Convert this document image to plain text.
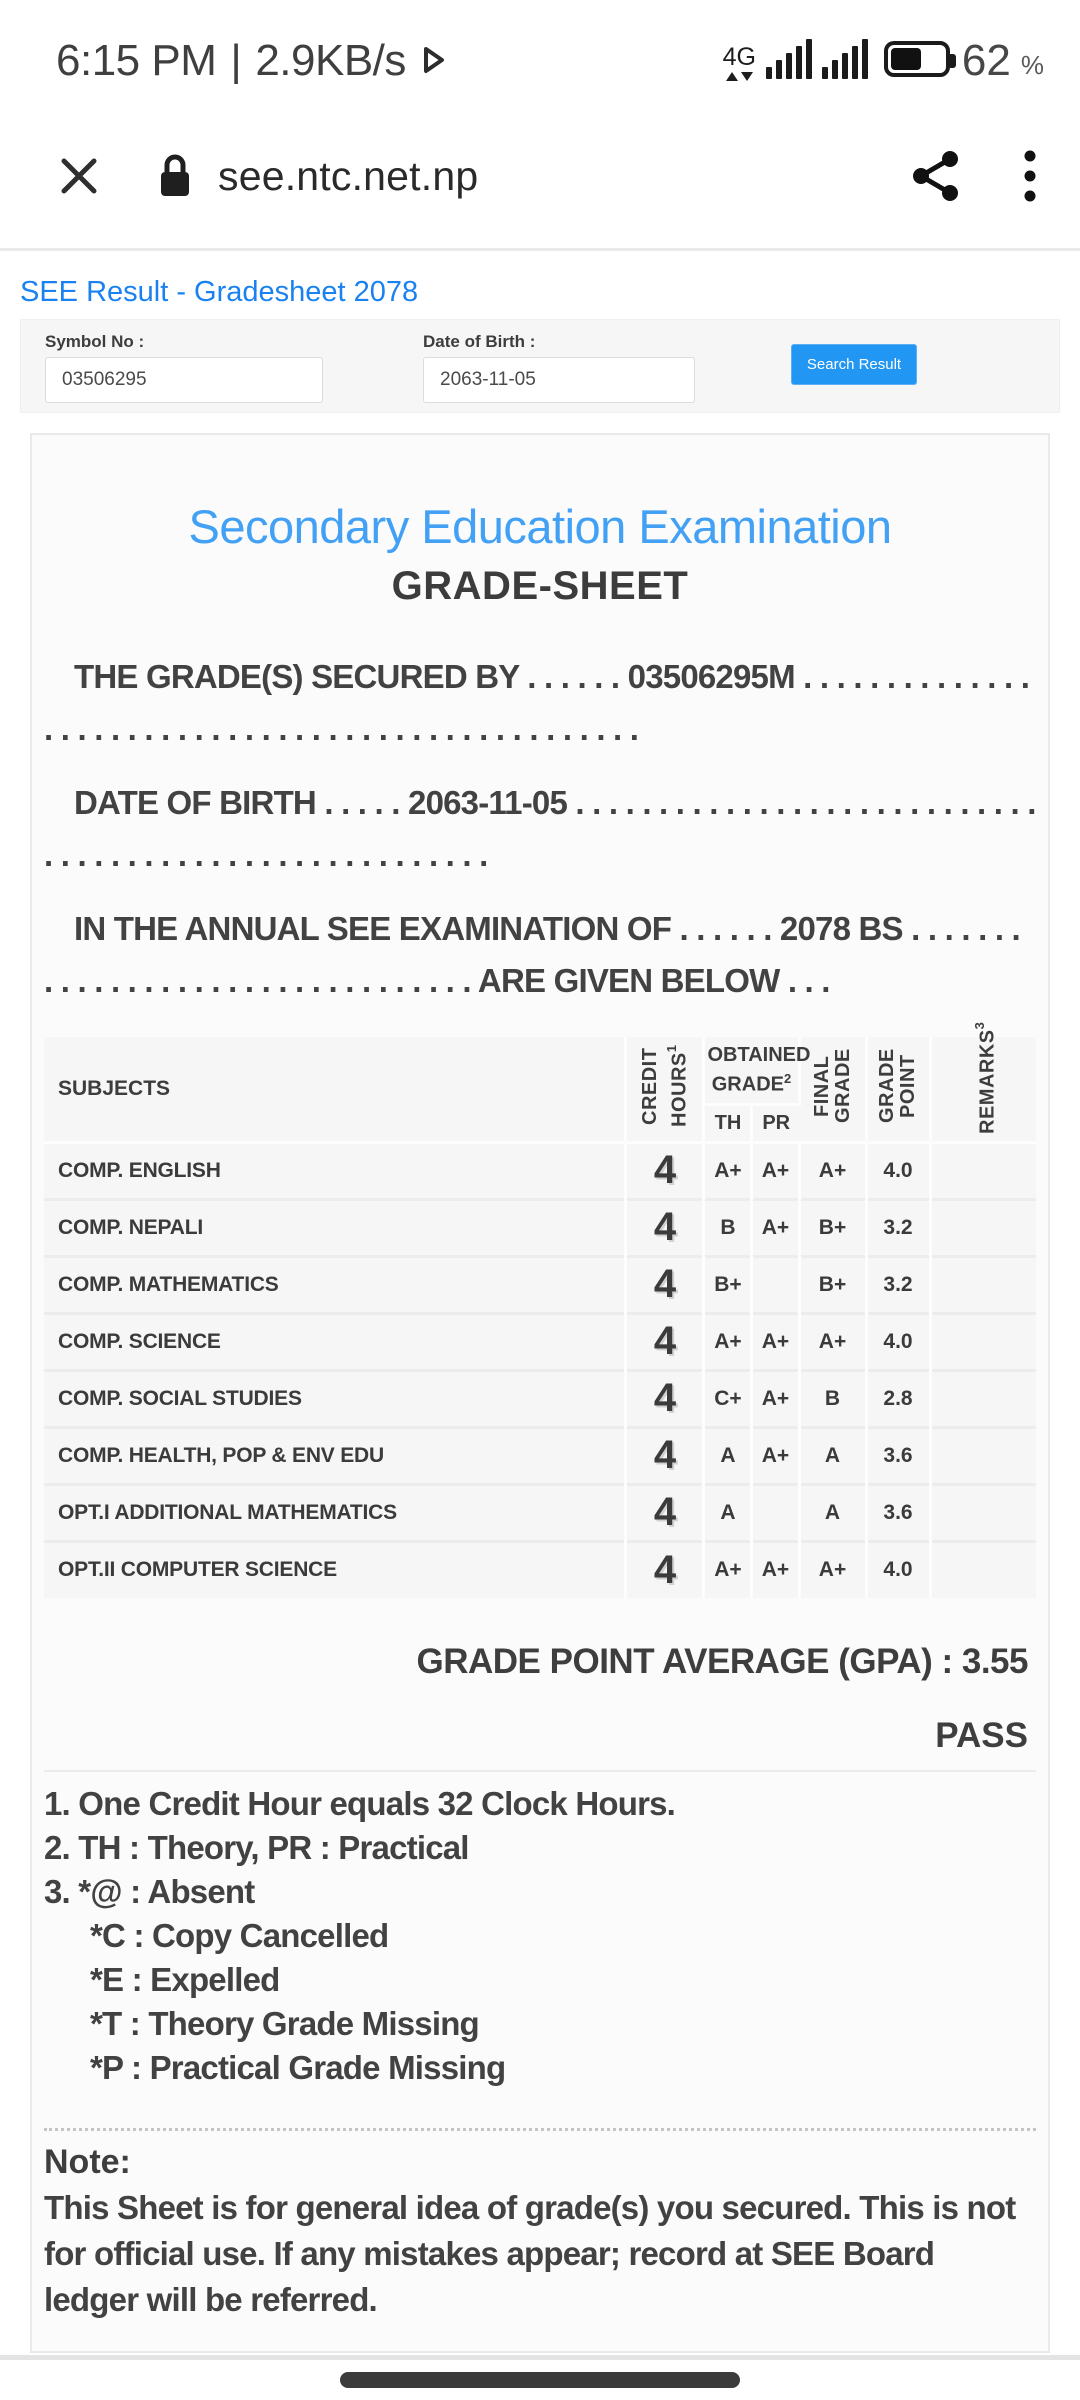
6:15 PM | 2.9KB/s	4G	62 %
see.ntc.net.np
SEE Result - Gradesheet 2078
Symbol No :
03506295	Date of Birth :
2063-11-05
Search Result
Secondary Education Examination
GRADE-SHEET

THE GRADE(S) SECURED BY . . . . . . 03506295M . . . . . . . . . . . . . . . . . . . . . . . . . . . . . . . . . . . . . . . . . . . . . . . . . .

DATE OF BIRTH . . . . . 2063-11-05 . . . . . . . . . . . . . . . . . . . . . . . . . . . . . . . . . . . . . . . . . . . . . . . . . . . . . . .

IN THE ANNUAL SEE EXAMINATION OF . . . . . . 2078 BS . . . . . . . . . . . . . . . . . . . . . . . . . . . . . . . . . ARE GIVEN BELOW . . .

SUBJECTS	CREDIT HOURS$^1$	OBTAINED GRADE$^2$		FINAL GRADE	GRADE POINT	REMARKS$^3$
		TH	PR			
COMP. ENGLISH	4	A+	A+	A+	4.0	
COMP. NEPALI	4	B	A+	B+	3.2	
COMP. MATHEMATICS	4	B+		B+	3.2	
COMP. SCIENCE	4	A+	A+	A+	4.0	
COMP. SOCIAL STUDIES	4	C+	A+	B	2.8	
COMP. HEALTH, POP & ENV EDU	4	A	A+	A	3.6	
OPT.I ADDITIONAL MATHEMATICS	4	A		A	3.6	
OPT.II COMPUTER SCIENCE	4	A+	A+	A+	4.0	
GRADE POINT AVERAGE (GPA) : 3.55
PASS
1. One Credit Hour equals 32 Clock Hours.
2. TH : Theory, PR : Practical
3. *@ : Absent
*C : Copy Cancelled
*E : Expelled
*T : Theory Grade Missing
*P : Practical Grade Missing
Note:

This Sheet is for general idea of grade(s) you secured. This is not for official use. If any mistakes appear; record at SEE Board ledger will be referred.
